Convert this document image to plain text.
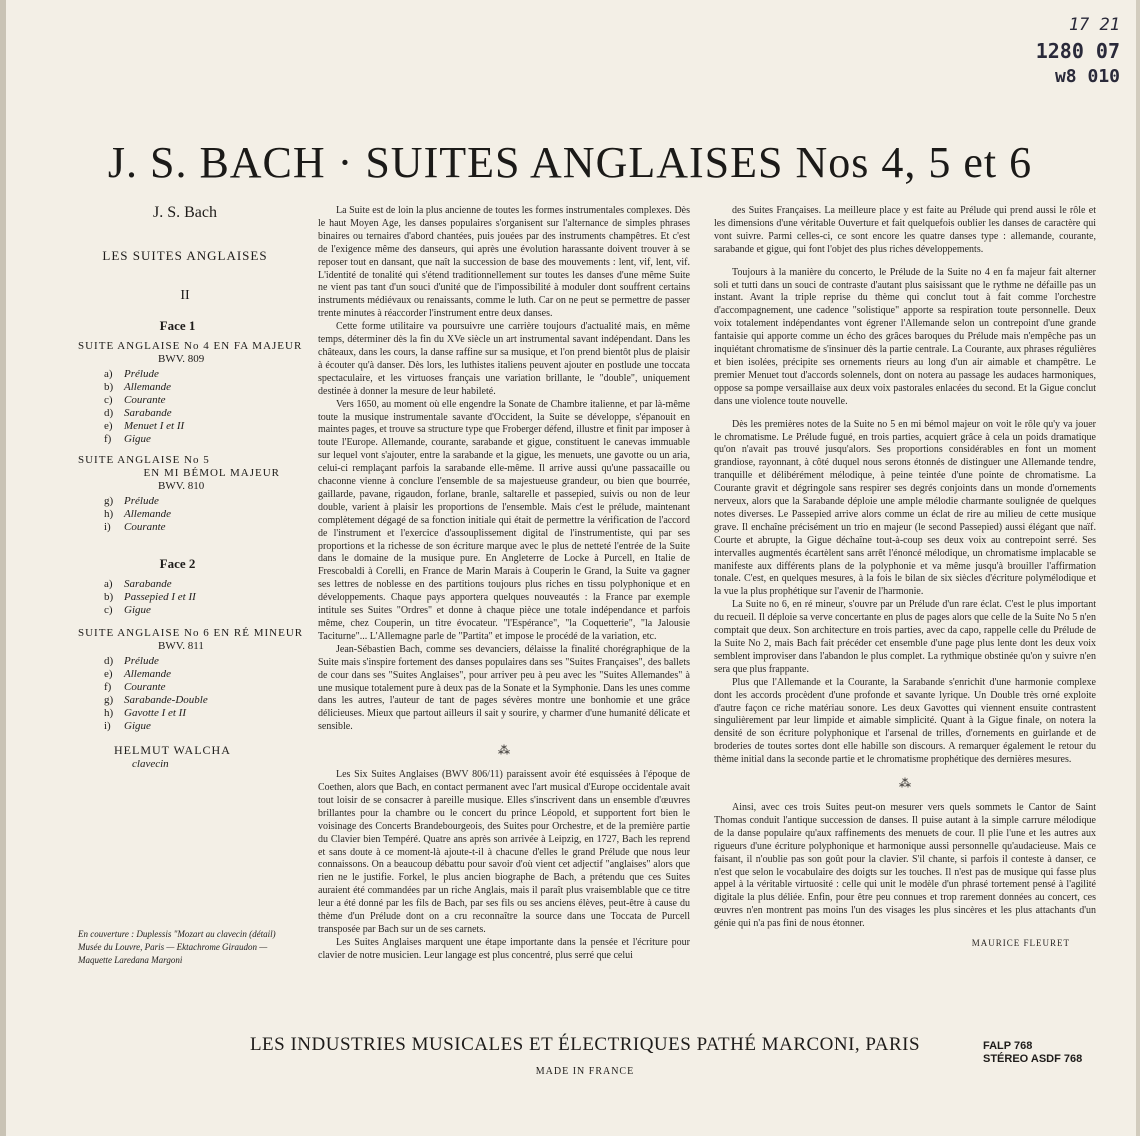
17 21
1280 07
w8 010
J. S. BACH · SUITES ANGLAISES Nos 4, 5 et 6
J. S. Bach
LES SUITES ANGLAISES
II
Face 1
SUITE ANGLAISE No 4 EN FA MAJEUR
BWV. 809
a) Prélude
b) Allemande
c) Courante
d) Sarabande
e) Menuet I et II
f) Gigue
SUITE ANGLAISE No 5
EN MI BÉMOL MAJEUR
BWV. 810
g) Prélude
h) Allemande
i) Courante
Face 2
a) Sarabande
b) Passepied I et II
c) Gigue
SUITE ANGLAISE No 6 EN RÉ MINEUR
BWV. 811
d) Prélude
e) Allemande
f) Courante
g) Sarabande-Double
h) Gavotte I et II
i) Gigue
HELMUT WALCHA
clavecin
En couverture : Duplessis "Mozart au clavecin (détail) Musée du Louvre, Paris — Ektachrome Giraudon — Maquette Laredana Margoni

La Suite est de loin la plus ancienne de toutes les formes instrumentales complexes. Dès le haut Moyen Age, les danses populaires s'organisent sur l'alternance de simples phrases binaires ou ternaires d'abord chantées, puis jouées par des instruments champêtres. Et c'est de l'exigence même des danseurs, qui après une évolution harassante doivent trouver à se reposer tout en dansant, que naît la succession de base des mouvements : lent, vif, lent, vif. L'identité de tonalité qui s'étend traditionnellement sur toutes les danses d'une même Suite ne vient pas tant d'un souci d'unité que de l'impossibilité à moduler dont souffrent certains instruments médiévaux ou renaissants, comme le luth. Car on ne peut se permettre de passer trente minutes à réaccorder l'instrument entre deux danses.

Cette forme utilitaire va poursuivre une carrière toujours d'actualité mais, en même temps, déterminer dès la fin du XVe siècle un art instrumental savant indépendant. Dans les châteaux, dans les cours, la danse raffine sur sa musique, et l'on prend bientôt plus de plaisir à écouter qu'à danser. Dès lors, les luthistes italiens peuvent ajouter en postlude une toccata spectaculaire, et les virtuoses français une variation brillante, le "double", uniquement destinée à donner la mesure de leur habileté.

Vers 1650, au moment où elle engendre la Sonate de Chambre italienne, et par là-même toute la musique instrumentale savante d'Occident, la Suite se développe, s'épanouit en maintes pages, et trouve sa structure type que Froberger défend, illustre et finit par imposer à toute l'Europe. Allemande, courante, sarabande et gigue, constituent le canevas immuable sur lequel vont s'ajouter, entre la sarabande et la gigue, les menuets, une gavotte ou un aria, celui-ci remplaçant parfois la sarabande elle-même. Il arrive aussi qu'une passacaille ou chaconne vienne à conclure l'ensemble de sa majestueuse grandeur, ou bien que bourrée, gaillarde, pavane, rigaudon, forlane, branle, saltarelle et passepied, suivis ou non de leur double, varient à plaisir les proportions de l'ensemble. Mais c'est le prélude, maintenant complètement dégagé de sa fonction initiale qui était de permettre la vérification de l'accord de l'instrument et l'exercice d'assouplissement digital de l'instrumentiste, qui par ses proportions et la richesse de son écriture marque avec le plus de netteté l'entrée de la Suite dans le domaine de la musique pure. En Angleterre de Locke à Purcell, en Italie de Frescobaldi à Corelli, en France de Marin Marais à Couperin le Grand, la Suite va gagner ses lettres de noblesse en des partitions toujours plus riches en tissu polyphonique et en développements. Chaque pays apportera quelques nouveautés : la France par exemple intitule ses Suites "Ordres" et donne à chaque pièce une totale indépendance et parfois même, chez Couperin, un titre évocateur. "l'Espérance", "la Coquetterie", "la Jalousie Taciturne"... L'Allemagne parle de "Partita" et impose le procédé de la variation, etc.

Jean-Sébastien Bach, comme ses devanciers, délaisse la finalité chorégraphique de la Suite mais s'inspire fortement des danses populaires dans ses "Suites Françaises", des ballets de cour dans ses "Suites Anglaises", pour arriver peu à peu avec les "Suites Allemandes" à une musique totalement pure à deux pas de la Sonate et la Symphonie. Dans les unes comme dans les autres, l'auteur de tant de pages sévères montre une bonhomie et une grâce délicieuses. Mieux que partout ailleurs il sait y sourire, y charmer d'une humanité délicate et sensible.

⁂

Les Six Suites Anglaises (BWV 806/11) paraissent avoir été esquissées à l'époque de Coethen, alors que Bach, en contact permanent avec l'art musical d'Europe occidentale avait tout loisir de se consacrer à pareille musique. Elles s'inscrivent dans un ensemble d'œuvres brillantes pour la chambre ou le concert du prince Léopold, et supportent fort bien le voisinage des Concerts Brandebourgeois, des Suites pour Orchestre, et de la première partie du Clavier bien Tempéré. Quatre ans après son arrivée à Leipzig, en 1727, Bach les reprend et sans doute à ce moment-là ajoute-t-il à chacune d'elles le grand Prélude que nous leur connaissons. On a beaucoup débattu pour savoir d'où vient cet adjectif "anglaises" alors que rien ne le justifie. Forkel, le plus ancien biographe de Bach, a prétendu que ces Suites auraient été commandées par un riche Anglais, mais il paraît plus vraisemblable que ce titre leur a été donné par les fils de Bach, par ses fils ou ses anciens élèves, peut-être à cause du thème d'un Prélude dont on a cru reconnaître la source dans une Toccata de Purcell transposée par Bach sur un de ses carnets.

Les Suites Anglaises marquent une étape importante dans la pensée et l'écriture pour clavier de notre musicien. Leur langage est plus concentré, plus serré que celui

des Suites Françaises. La meilleure place y est faite au Prélude qui prend aussi le rôle et les dimensions d'une véritable Ouverture et fait quelquefois oublier les danses de caractère qui vont suivre. Parmi celles-ci, ce sont encore les quatre danses type : allemande, courante, sarabande et gigue, qui font l'objet des plus riches développements.

Toujours à la manière du concerto, le Prélude de la Suite no 4 en fa majeur fait alterner soli et tutti dans un souci de contraste d'autant plus saisissant que le rythme ne défaille pas un instant. Avant la triple reprise du thème qui conclut tout à fait comme l'orchestre d'accompagnement, une cadence "solistique" apporte sa respiration toute personnelle. Deux voix totalement indépendantes vont égrener l'Allemande selon un contrepoint d'une grande fantaisie qui apporte comme un écho des grâces baroques du Prélude mais n'empêche pas un inquiétant chromatisme de s'insinuer dès la partie centrale. La Courante, aux phrases régulières et bien isolées, précipite ses ornements rieurs au long d'un air aimable et champêtre. Le premier Menuet tout d'accords solennels, dont on notera au passage les audaces harmoniques, oppose sa pompe versaillaise aux deux voix pastorales enlacées du second. Et la Gigue conclut dans une violence toute nouvelle.

Dès les premières notes de la Suite no 5 en mi bémol majeur on voit le rôle qu'y va jouer le chromatisme. Le Prélude fugué, en trois parties, acquiert grâce à cela un poids dramatique qu'on n'avait pas trouvé jusqu'alors. Ses proportions considérables en font un moment grandiose, rayonnant, à côté duquel nous serons étonnés de distinguer une Allemande tendre, tranquille et délibérément mélodique, à peine teintée d'une pointe de chromatisme. La Courante gravit et dégringole sans respirer ses degrés conjoints dans un monde d'ornements nerveux, alors que la Sarabande déploie une ample mélodie charmante soulignée de quelques notes diverses. Le Passepied arrive alors comme un éclat de rire au milieu de cette musique grave. Il enchaîne précisément un trio en majeur (le second Passepied) aussi élégant que naïf. Courte et abrupte, la Gigue déchaîne tout-à-coup ses deux voix au contrepoint serré. Ses intervalles augmentés écartèlent sans arrêt l'énoncé mélodique, un chromatisme implacable se manifeste aux différents plans de la polyphonie et va même jusqu'à brouiller l'affirmation tonale. C'est, en quelques mesures, à la fois le bilan de six siècles d'écriture polymélodique et la vue la plus prophétique sur l'avenir de l'harmonie.

La Suite no 6, en ré mineur, s'ouvre par un Prélude d'un rare éclat. C'est le plus important du recueil. Il déploie sa verve concertante en plus de pages alors que celle de la Suite No 5 n'en comptait que deux. Son architecture en trois parties, avec da capo, rappelle celle du Prélude de la Suite No 2, mais Bach fait précéder cet ensemble d'une page plus lente dont les deux voix semblent improviser dans l'abandon le plus complet. La rythmique obstinée qu'on y suivre n'en sera que plus frappante.

Plus que l'Allemande et la Courante, la Sarabande s'enrichit d'une harmonie complexe dont les accords procèdent d'une profonde et savante lyrique. Un Double très orné exploite d'autre façon ce riche matériau sonore. Les deux Gavottes qui viennent ensuite contrastent singulièrement par leur limpide et aimable simplicité. Quant à la Gigue finale, on notera la densité de son écriture polyphonique et l'arsenal de trilles, d'ornements en guirlande et de broderies de toutes sortes dont elle habille son discours. A remarquer également le retour du thème initial dans la seconde partie et le chromatisme prophétique des dernières mesures.

⁂

Ainsi, avec ces trois Suites peut-on mesurer vers quels sommets le Cantor de Saint Thomas conduit l'antique succession de danses. Il puise autant à la simple carrure mélodique de la danse populaire qu'aux raffinements des menuets de cour. Il plie l'une et les autres aux rigueurs d'une écriture polyphonique et harmonique aussi personnelle qu'audacieuse. Mais ce faisant, il n'oublie pas son goût pour la clavier. S'il chante, si parfois il conteste à danser, ce n'est que selon le vocabulaire des doigts sur les touches. Il n'est pas de musique qui fasse plus appel à la véritable virtuosité : celle qui unit le modèle d'un phrasé tortement pensé à l'agilité digitale la plus déliée. Enfin, pour être peu connues et trop rarement données au concert, ces œuvres n'en montrent pas moins l'un des visages les plus sincères et les plus attachants d'un génie qui n'a pas fini de nous étonner.

MAURICE FLEURET
LES INDUSTRIES MUSICALES ET ÉLECTRIQUES PATHÉ MARCONI, PARIS
MADE IN FRANCE
FALP 768
STÉREO ASDF 768
